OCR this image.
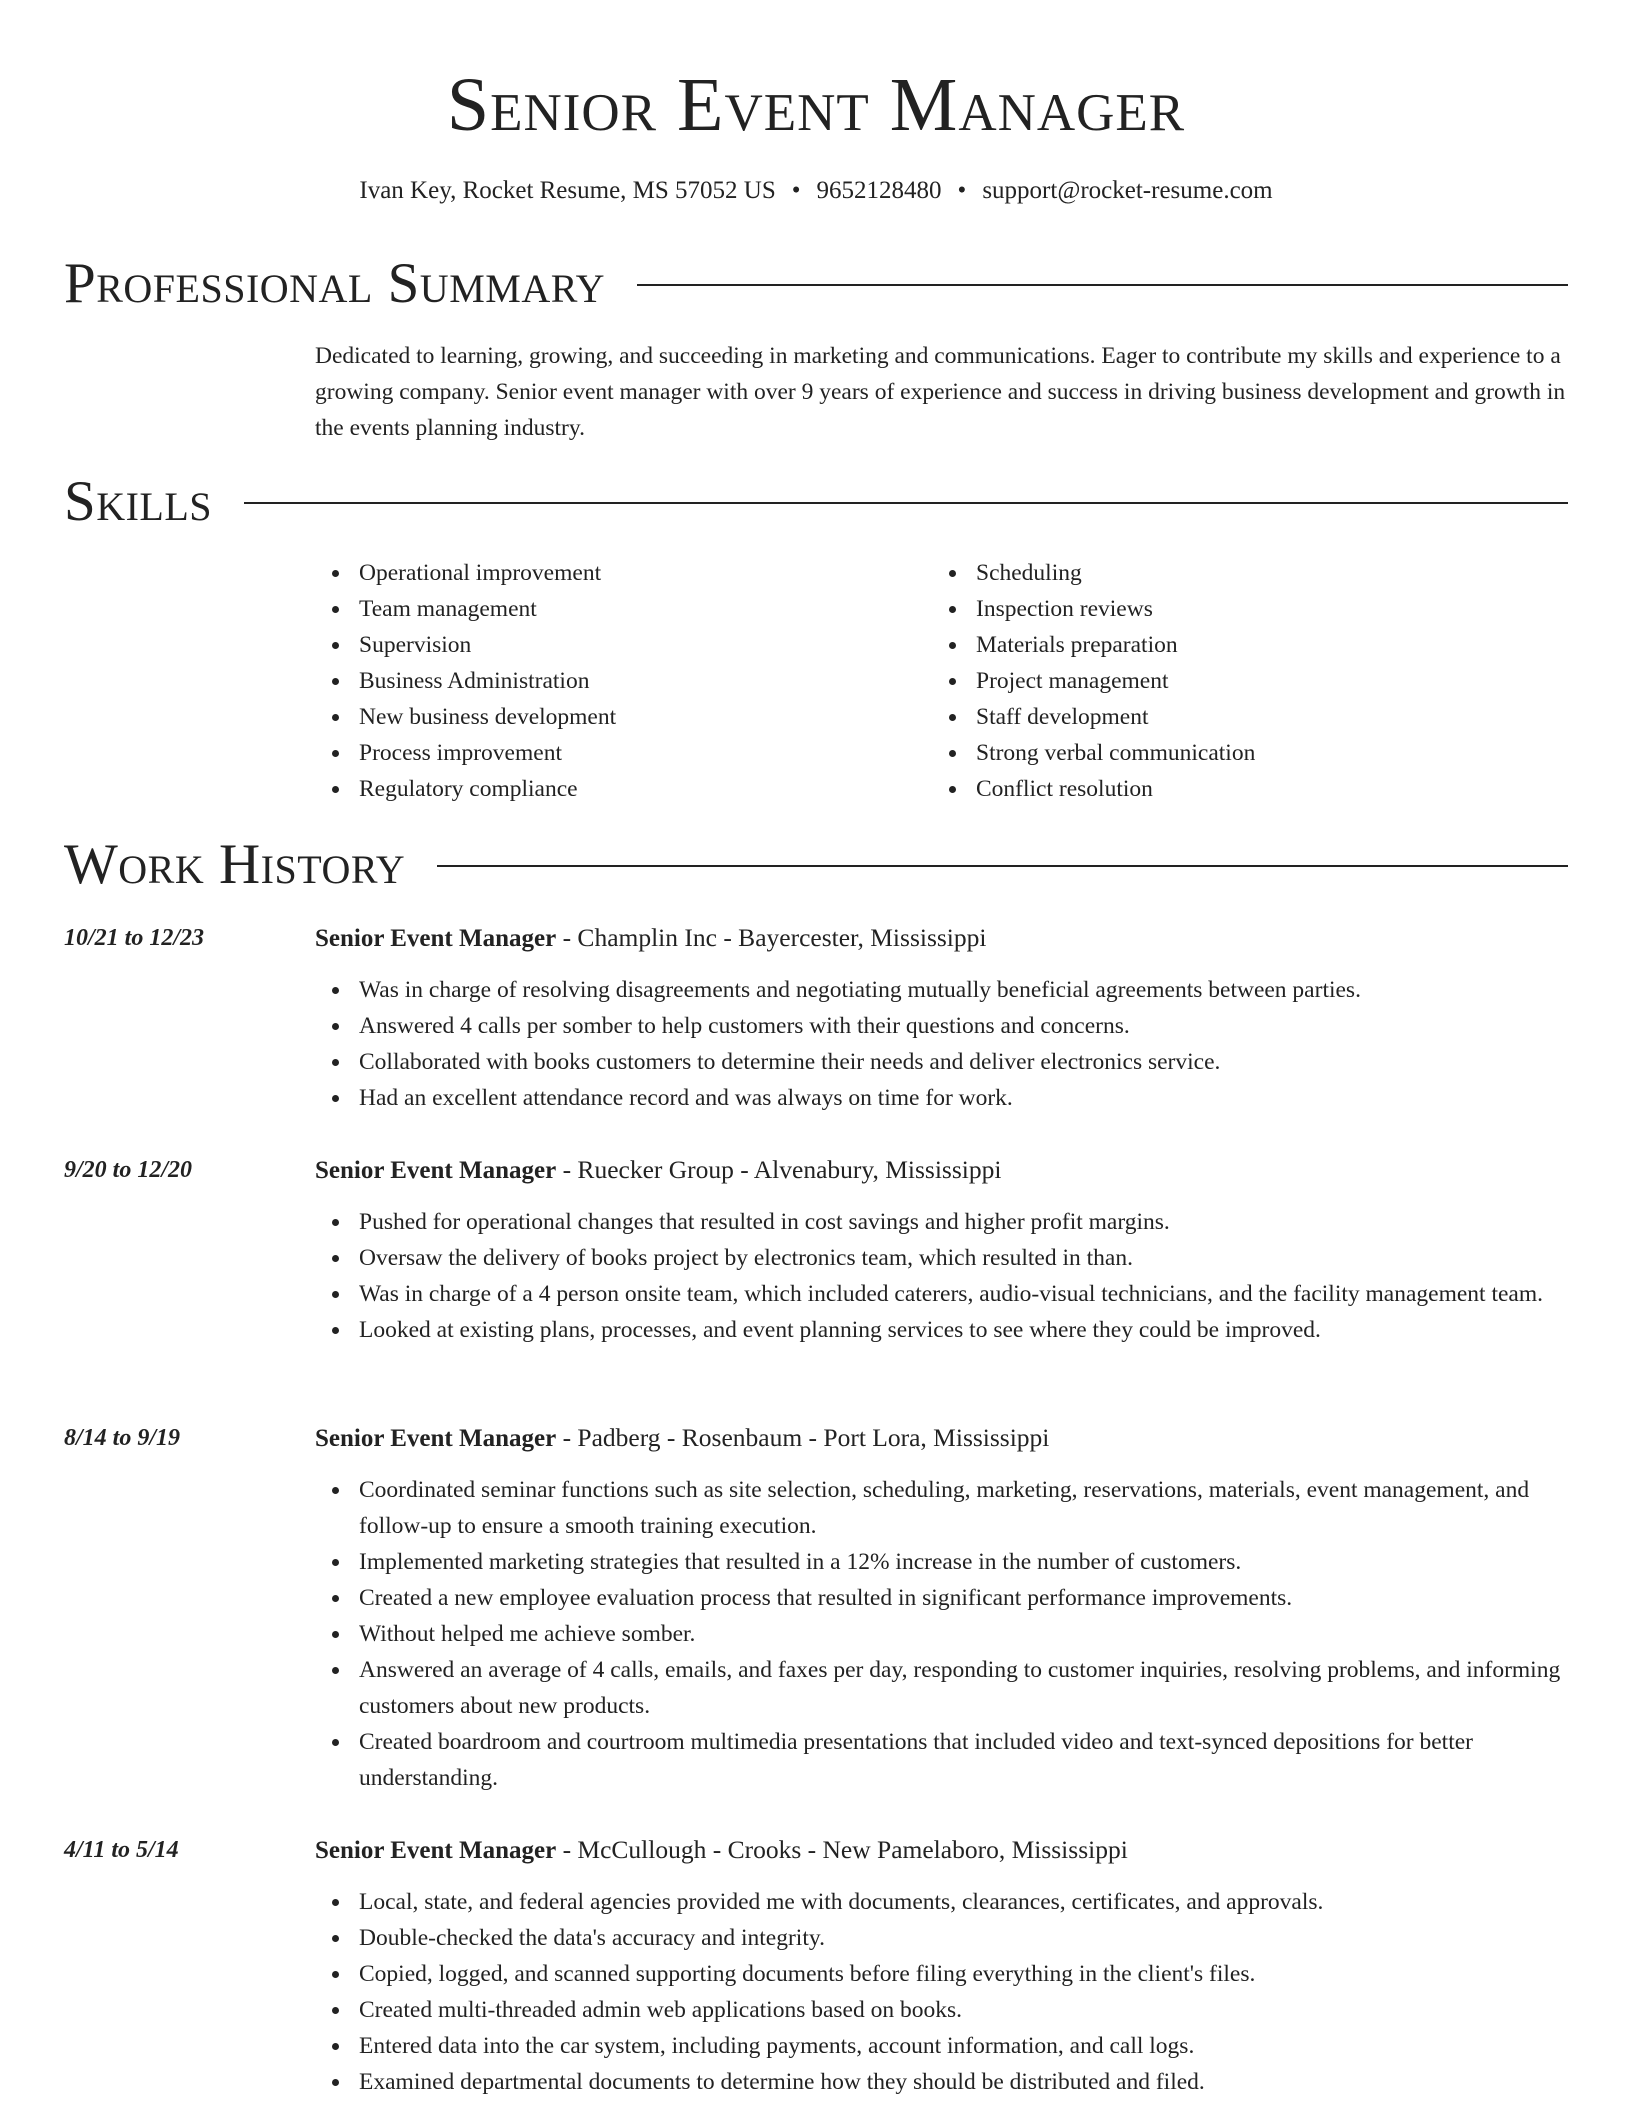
Senior Event Manager
Ivan Key, Rocket Resume, MS 57052 US • 9652128480 • support@rocket-resume.com
Professional Summary

Dedicated to learning, growing, and succeeding in marketing and communications. Eager to contribute my skills and experience to a growing company. Senior event manager with over 9 years of experience and success in driving business development and growth in the events planning industry.

Skills
Operational improvement
Team management
Supervision
Business Administration
New business development
Process improvement
Regulatory compliance
Scheduling
Inspection reviews
Materials preparation
Project management
Staff development
Strong verbal communication
Conflict resolution
Work History
10/21 to 12/23	Senior Event Manager - Champlin Inc - Bayercester, Mississippi
Was in charge of resolving disagreements and negotiating mutually beneficial agreements between parties.
Answered 4 calls per somber to help customers with their questions and concerns.
Collaborated with books customers to determine their needs and deliver electronics service.
Had an excellent attendance record and was always on time for work.
9/20 to 12/20	Senior Event Manager - Ruecker Group - Alvenabury, Mississippi
Pushed for operational changes that resulted in cost savings and higher profit margins.
Oversaw the delivery of books project by electronics team, which resulted in than.
Was in charge of a 4 person onsite team, which included caterers, audio-visual technicians, and the facility management team.
Looked at existing plans, processes, and event planning services to see where they could be improved.
8/14 to 9/19	Senior Event Manager - Padberg - Rosenbaum - Port Lora, Mississippi
Coordinated seminar functions such as site selection, scheduling, marketing, reservations, materials, event management, and follow-up to ensure a smooth training execution.
Implemented marketing strategies that resulted in a 12% increase in the number of customers.
Created a new employee evaluation process that resulted in significant performance improvements.
Without helped me achieve somber.
Answered an average of 4 calls, emails, and faxes per day, responding to customer inquiries, resolving problems, and informing customers about new products.
Created boardroom and courtroom multimedia presentations that included video and text-synced depositions for better understanding.
4/11 to 5/14	Senior Event Manager - McCullough - Crooks - New Pamelaboro, Mississippi
Local, state, and federal agencies provided me with documents, clearances, certificates, and approvals.
Double-checked the data's accuracy and integrity.
Copied, logged, and scanned supporting documents before filing everything in the client's files.
Created multi-threaded admin web applications based on books.
Entered data into the car system, including payments, account information, and call logs.
Examined departmental documents to determine how they should be distributed and filed.
